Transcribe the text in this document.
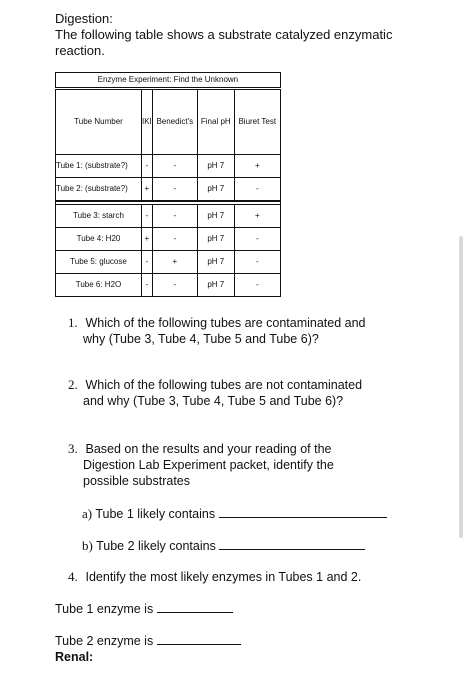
Digestion:
The following table shows a substrate catalyzed enzymatic reaction.
Enzyme Experiment: Find the Unknown				
Tube Number	IKI	Benedict's	Final pH	Biuret Test
Tube 1: (substrate?)	-	-	pH 7	+
Tube 2: (substrate?)	+	-	pH 7	-

Tube 3: starch	-	-	pH 7	+
Tube 4: H20	+	-	pH 7	-
Tube 5: glucose	-	+	pH 7	-
Tube 6: H2O	-	-	pH 7	-
1. Which of the following tubes are contaminated and
why (Tube 3, Tube 4, Tube 5 and Tube 6)?
2. Which of the following tubes are not contaminated
and why (Tube 3, Tube 4, Tube 5 and Tube 6)?
3. Based on the results and your reading of the
Digestion Lab Experiment packet, identify the
possible substrates
a) Tube 1 likely contains
b) Tube 2 likely contains
4. Identify the most likely enzymes in Tubes 1 and 2.
Tube 1 enzyme is
Tube 2 enzyme is
Renal:
